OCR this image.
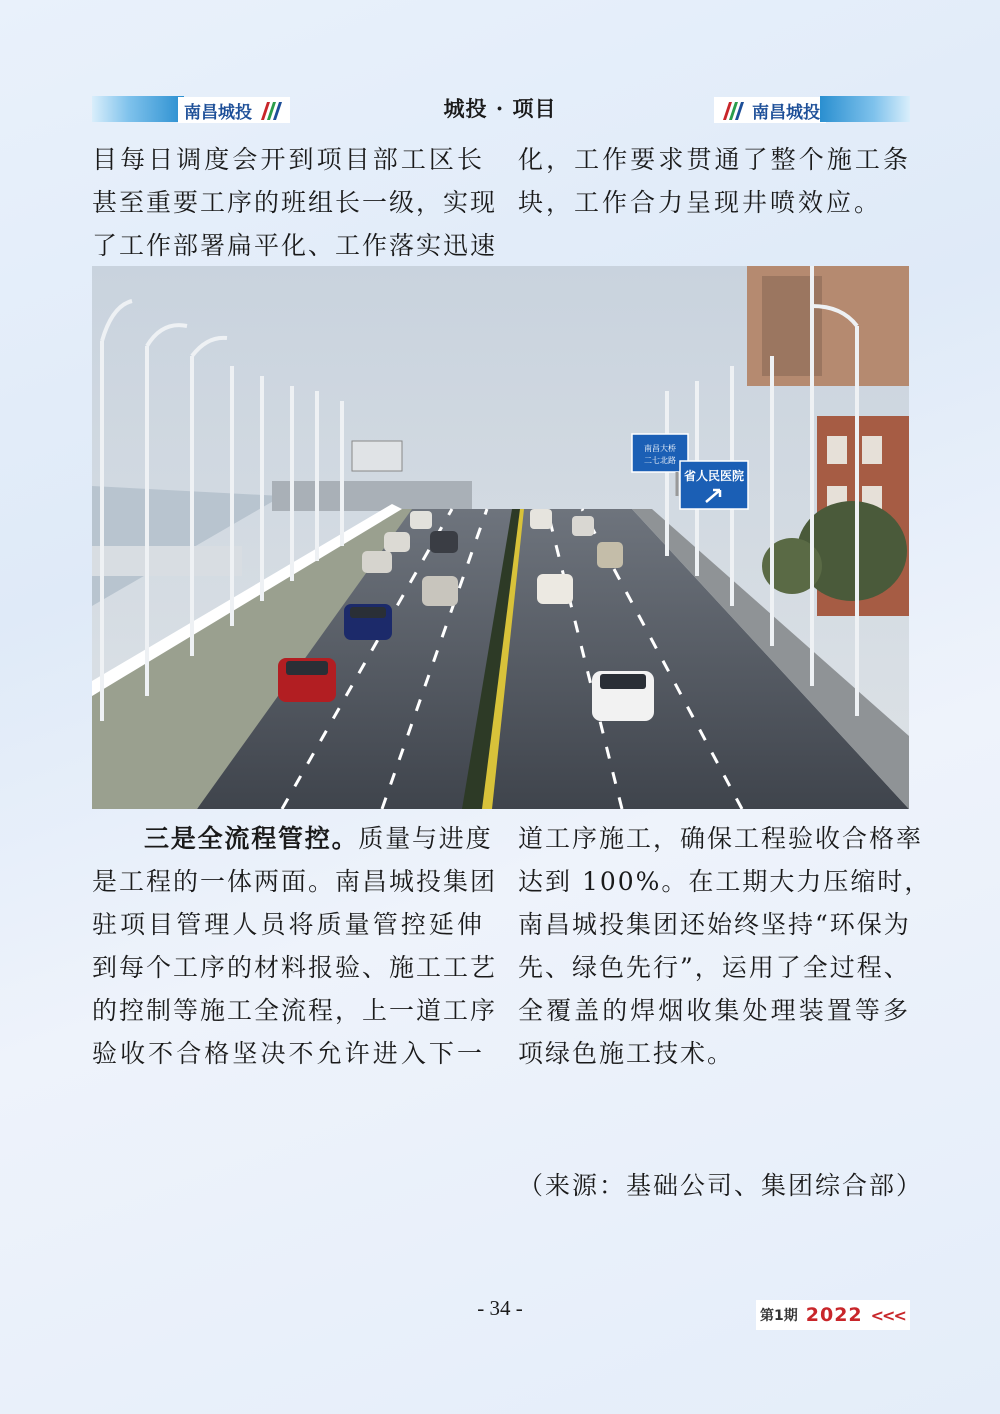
南昌城投	城投 · 项目	南昌城投
目每日调度会开到项目部工区长
甚至重要工序的班组长一级，实现
了工作部署扁平化、工作落实迅速
化，工作要求贯通了整个施工条
块，工作合力呈现井喷效应。
南昌大桥
二七北路
省人民医院
三是全流程管控。质量与进度
是工程的一体两面。南昌城投集团
驻项目管理人员将质量管控延伸
到每个工序的材料报验、施工工艺
的控制等施工全流程，上一道工序
验收不合格坚决不允许进入下一
道工序施工，确保工程验收合格率
达到 100%。在工期大力压缩时，
南昌城投集团还始终坚持“环保为
先、绿色先行”，运用了全过程、
全覆盖的焊烟收集处理装置等多
项绿色施工技术。
（来源：基础公司、集团综合部）
- 34 -	第1期 2022 <<<
